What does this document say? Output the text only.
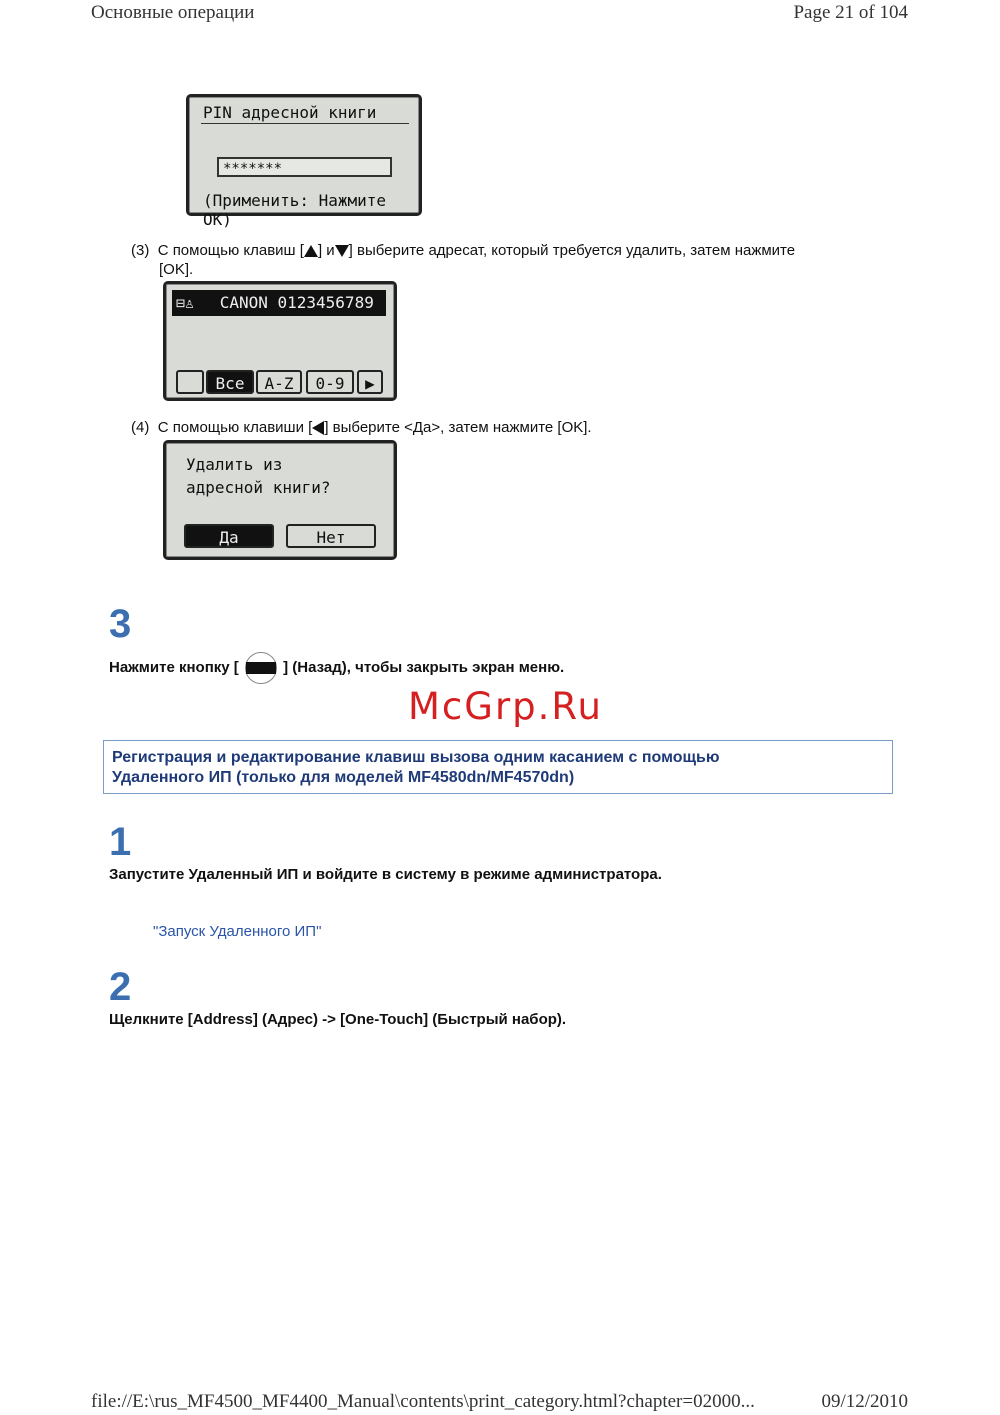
Основные операции	Page 21 of 104
PIN адресной книги
*******
(Применить: Нажмите OK)
(3) С помощью клавиш [ ] и ] выберите адресат, который требуется удалить, затем нажмите
[OK].
⊟♙ CANON 0123456789
Все	A-Z	0-9	▶
(4) С помощью клавиши [ ] выберите <Да>, затем нажмите [OK].
Удалить из
адресной книги?
Да	Нет
3
Нажмите кнопку [	] (Назад), чтобы закрыть экран меню.
McGrp.Ru
Регистрация и редактирование клавиш вызова одним касанием с помощью
Удаленного ИП (только для моделей MF4580dn/MF4570dn)
1
Запустите Удаленный ИП и войдите в систему в режиме администратора.
"Запуск Удаленного ИП"
2
Щелкните [Address] (Адрес) -> [One-Touch] (Быстрый набор).
file://E:\rus_MF4500_MF4400_Manual\contents\print_category.html?chapter=02000...	09/12/2010
